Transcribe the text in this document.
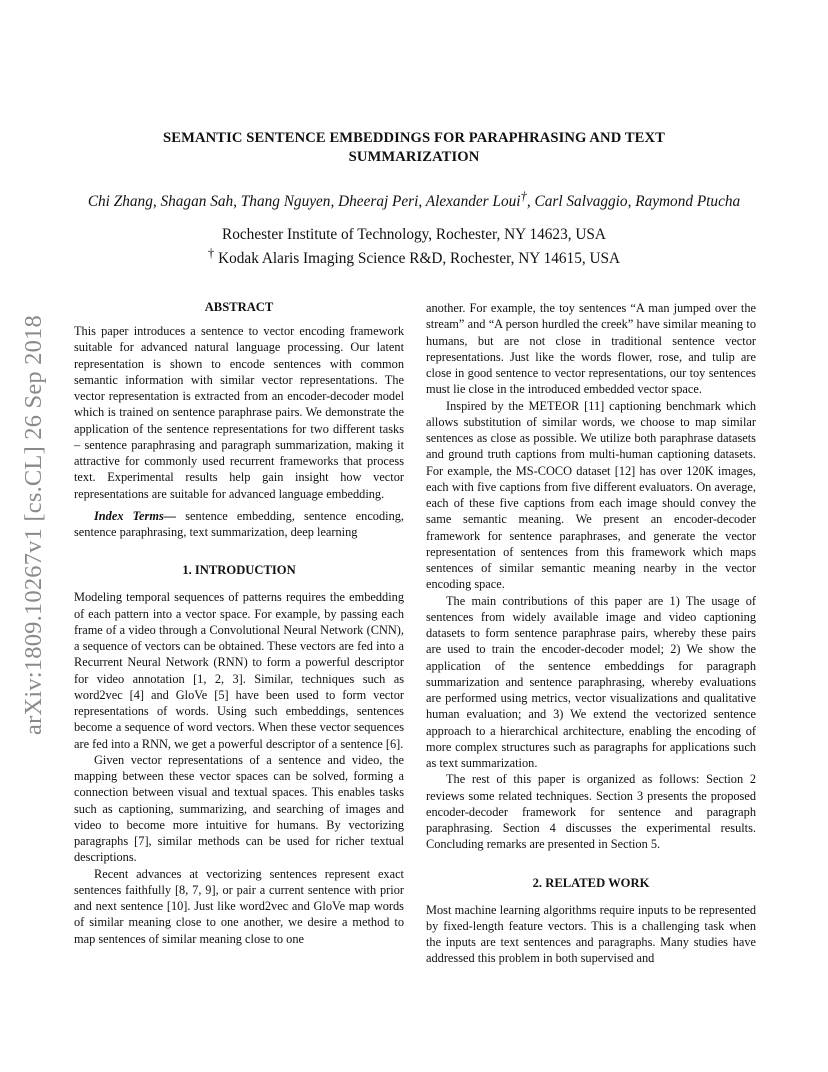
arXiv:1809.10267v1 [cs.CL] 26 Sep 2018
SEMANTIC SENTENCE EMBEDDINGS FOR PARAPHRASING AND TEXT
SUMMARIZATION
Chi Zhang, Shagan Sah, Thang Nguyen, Dheeraj Peri, Alexander Loui†, Carl Salvaggio, Raymond Ptucha
Rochester Institute of Technology, Rochester, NY 14623, USA
† Kodak Alaris Imaging Science R&D, Rochester, NY 14615, USA
ABSTRACT

This paper introduces a sentence to vector encoding framework suitable for advanced natural language processing. Our latent representation is shown to encode sentences with common semantic information with similar vector representations. The vector representation is extracted from an encoder-decoder model which is trained on sentence paraphrase pairs. We demonstrate the application of the sentence representations for two different tasks – sentence paraphrasing and paragraph summarization, making it attractive for commonly used recurrent frameworks that process text. Experimental results help gain insight how vector representations are suitable for advanced language embedding.

Index Terms— sentence embedding, sentence encoding, sentence paraphrasing, text summarization, deep learning

1. INTRODUCTION

Modeling temporal sequences of patterns requires the embedding of each pattern into a vector space. For example, by passing each frame of a video through a Convolutional Neural Network (CNN), a sequence of vectors can be obtained. These vectors are fed into a Recurrent Neural Network (RNN) to form a powerful descriptor for video annotation [1, 2, 3]. Similar, techniques such as word2vec [4] and GloVe [5] have been used to form vector representations of words. Using such embeddings, sentences become a sequence of word vectors. When these vector sequences are fed into a RNN, we get a powerful descriptor of a sentence [6].

Given vector representations of a sentence and video, the mapping between these vector spaces can be solved, forming a connection between visual and textual spaces. This enables tasks such as captioning, summarizing, and searching of images and video to become more intuitive for humans. By vectorizing paragraphs [7], similar methods can be used for richer textual descriptions.

Recent advances at vectorizing sentences represent exact sentences faithfully [8, 7, 9], or pair a current sentence with prior and next sentence [10]. Just like word2vec and GloVe map words of similar meaning close to one another, we desire a method to map sentences of similar meaning close to one

another. For example, the toy sentences “A man jumped over the stream” and “A person hurdled the creek” have similar meaning to humans, but are not close in traditional sentence vector representations. Just like the words flower, rose, and tulip are close in good sentence to vector representations, our toy sentences must lie close in the introduced embedded vector space.

Inspired by the METEOR [11] captioning benchmark which allows substitution of similar words, we choose to map similar sentences as close as possible. We utilize both paraphrase datasets and ground truth captions from multi-human captioning datasets. For example, the MS-COCO dataset [12] has over 120K images, each with five captions from five different evaluators. On average, each of these five captions from each image should convey the same semantic meaning. We present an encoder-decoder framework for sentence paraphrases, and generate the vector representation of sentences from this framework which maps sentences of similar semantic meaning nearby in the vector encoding space.

The main contributions of this paper are 1) The usage of sentences from widely available image and video captioning datasets to form sentence paraphrase pairs, whereby these pairs are used to train the encoder-decoder model; 2) We show the application of the sentence embeddings for paragraph summarization and sentence paraphrasing, whereby evaluations are performed using metrics, vector visualizations and qualitative human evaluation; and 3) We extend the vectorized sentence approach to a hierarchical architecture, enabling the encoding of more complex structures such as paragraphs for applications such as text summarization.

The rest of this paper is organized as follows: Section 2 reviews some related techniques. Section 3 presents the proposed encoder-decoder framework for sentence and paragraph paraphrasing. Section 4 discusses the experimental results. Concluding remarks are presented in Section 5.

2. RELATED WORK

Most machine learning algorithms require inputs to be represented by fixed-length feature vectors. This is a challenging task when the inputs are text sentences and paragraphs. Many studies have addressed this problem in both supervised and
